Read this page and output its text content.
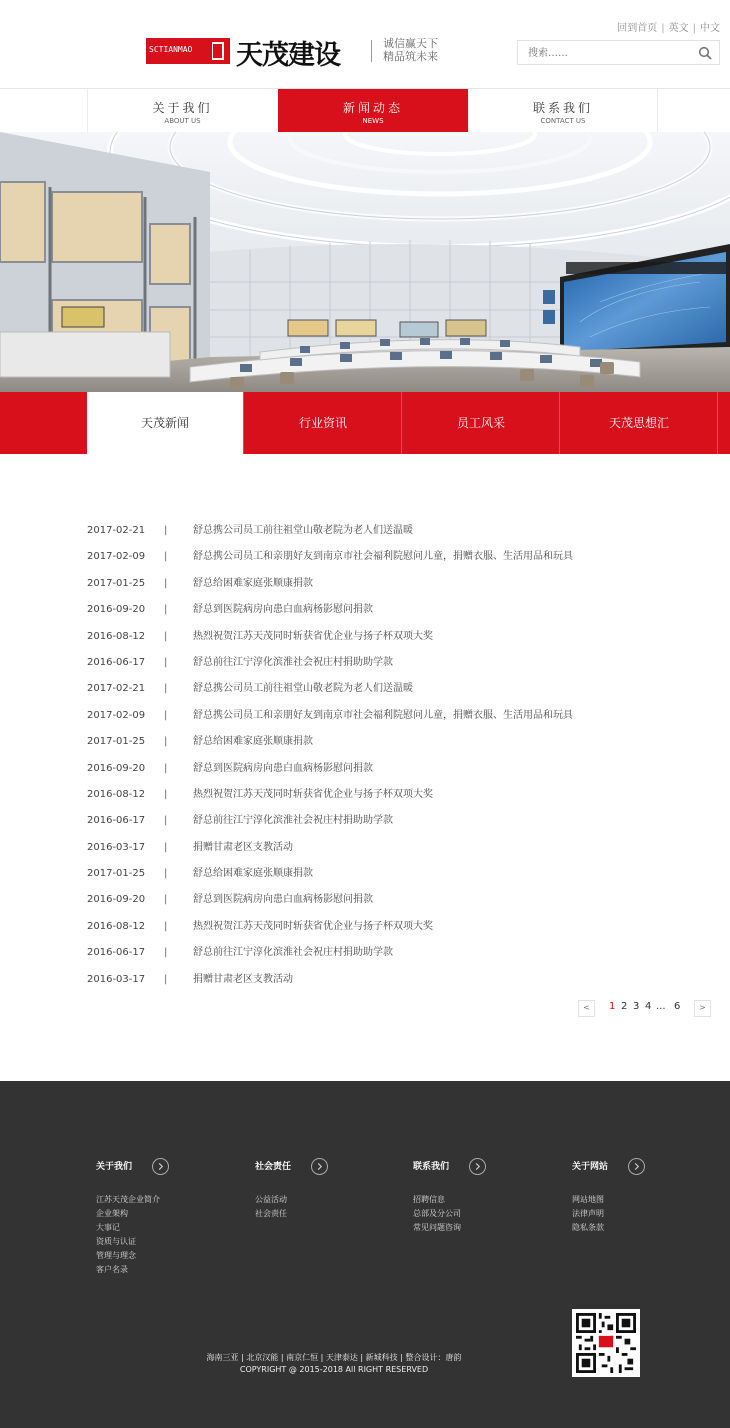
SCTIANMAO 天茂建设	诚信赢天下
精品筑未来
回到首页 | 英文 | 中文
搜索……
关于我们
ABOUT US
新闻动态
NEWS
联系我们
CONTACT US
天茂新闻	行业资讯	员工风采	天茂思想汇
2017-02-21	|	舒总携公司员工前往祖堂山敬老院为老人们送温暖
2017-02-09	|	舒总携公司员工和亲朋好友到南京市社会福利院慰问儿童，捐赠衣服、生活用品和玩具
2017-01-25	|	舒总给困难家庭张顺康捐款
2016-09-20	|	舒总到医院病房向患白血病杨影慰问捐款
2016-08-12	|	热烈祝贺江苏天茂同时斩获省优企业与扬子杯双项大奖
2016-06-17	|	舒总前往江宁淳化滨淮社会祝庄村捐助助学款
2017-02-21	|	舒总携公司员工前往祖堂山敬老院为老人们送温暖
2017-02-09	|	舒总携公司员工和亲朋好友到南京市社会福利院慰问儿童，捐赠衣服、生活用品和玩具
2017-01-25	|	舒总给困难家庭张顺康捐款
2016-09-20	|	舒总到医院病房向患白血病杨影慰问捐款
2016-08-12	|	热烈祝贺江苏天茂同时斩获省优企业与扬子杯双项大奖
2016-06-17	|	舒总前往江宁淳化滨淮社会祝庄村捐助助学款
2016-03-17	|	捐赠甘肃老区支教活动
2017-01-25	|	舒总给困难家庭张顺康捐款
2016-09-20	|	舒总到医院病房向患白血病杨影慰问捐款
2016-08-12	|	热烈祝贺江苏天茂同时斩获省优企业与扬子杯双项大奖
2016-06-17	|	舒总前往江宁淳化滨淮社会祝庄村捐助助学款
2016-03-17	|	捐赠甘肃老区支教活动
<	1 2 3 4 ... 6	>
关于我们
江苏天茂企业简介
企业架构
大事记
资质与认证
管理与理念
客户名录
社会责任
公益活动
社会责任
联系我们
招聘信息
总部及分公司
常见问题咨询
关于网站
网站地图
法律声明
隐私条款
海南三亚 | 北京汉能 | 南京仁恒 | 天津泰达 | 新城科技 | 整合设计：唐韵
COPYRIGHT @ 2015-2018 All RIGHT RESERVED
